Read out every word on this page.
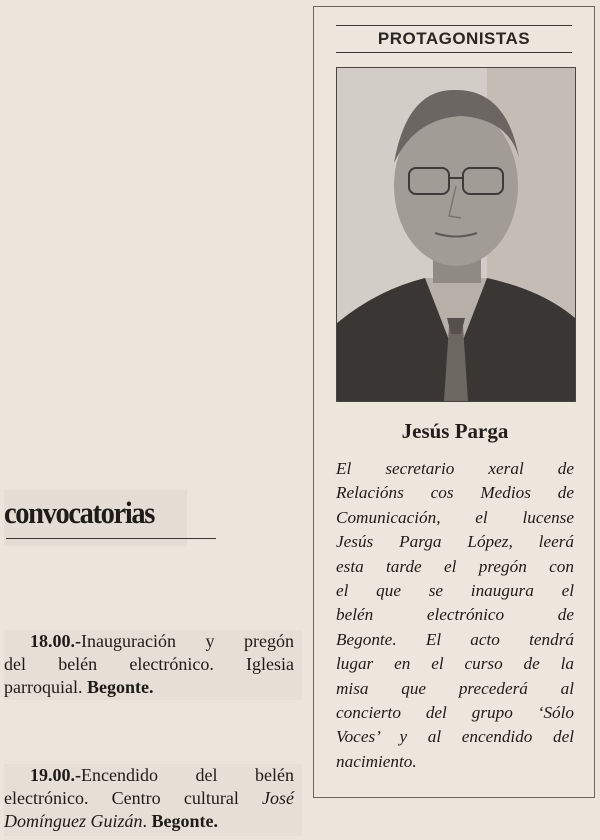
PROTAGONISTAS
Jesús Parga
El secretario xeral de
Relacións cos Medios de
Comunicación, el lucense
Jesús Parga López, leerá
esta tarde el pregón con
el que se inaugura el
belén electrónico de
Begonte. El acto tendrá
lugar en el curso de la
misa que precederá al
concierto del grupo ‘Sólo
Voces’ y al encendido del
nacimiento.
convocatorias
18.00.-Inauguración y pregón
del belén electrónico. Iglesia
parroquial. Begonte.
19.00.-Encendido del belén
electrónico. Centro cultural José
Domínguez Guizán. Begonte.
